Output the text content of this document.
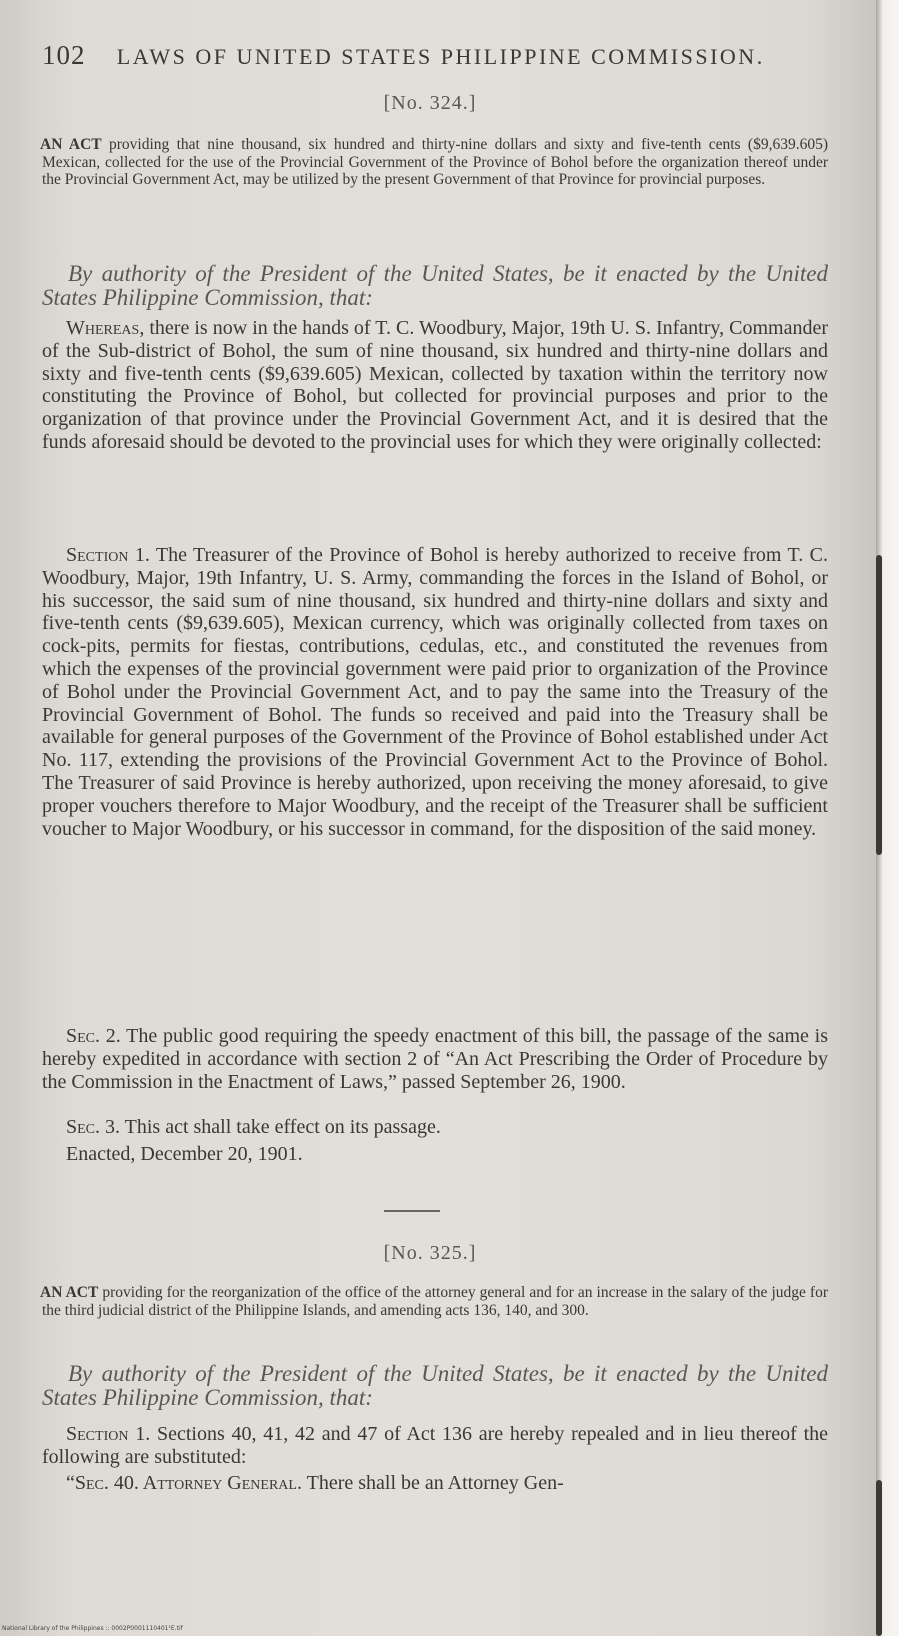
102 LAWS OF UNITED STATES PHILIPPINE COMMISSION.
[No. 324.]
AN ACT providing that nine thousand, six hundred and thirty-nine dollars and sixty and five-tenth cents ($9,639.605) Mexican, collected for the use of the Provincial Government of the Province of Bohol before the organization thereof under the Provincial Government Act, may be utilized by the present Government of that Province for provincial purposes.
By authority of the President of the United States, be it enacted by the United States Philippine Commission, that:
Whereas, there is now in the hands of T. C. Woodbury, Major, 19th U. S. Infantry, Commander of the Sub-district of Bohol, the sum of nine thousand, six hundred and thirty-nine dollars and sixty and five-tenth cents ($9,639.605) Mexican, collected by taxation within the territory now constituting the Province of Bohol, but collected for provincial purposes and prior to the organization of that province under the Provincial Government Act, and it is desired that the funds aforesaid should be devoted to the provincial uses for which they were originally collected:
Section 1. The Treasurer of the Province of Bohol is hereby authorized to receive from T. C. Woodbury, Major, 19th Infantry, U. S. Army, commanding the forces in the Island of Bohol, or his successor, the said sum of nine thousand, six hundred and thirty-nine dollars and sixty and five-tenth cents ($9,639.605), Mexican currency, which was originally collected from taxes on cock-pits, permits for fiestas, contributions, cedulas, etc., and constituted the revenues from which the expenses of the provincial government were paid prior to organization of the Province of Bohol under the Provincial Government Act, and to pay the same into the Treasury of the Provincial Government of Bohol. The funds so received and paid into the Treasury shall be available for general purposes of the Government of the Province of Bohol established under Act No. 117, extending the provisions of the Provincial Government Act to the Province of Bohol. The Treasurer of said Province is hereby authorized, upon receiving the money aforesaid, to give proper vouchers therefore to Major Woodbury, and the receipt of the Treasurer shall be sufficient voucher to Major Woodbury, or his successor in command, for the disposition of the said money.
Sec. 2. The public good requiring the speedy enactment of this bill, the passage of the same is hereby expedited in accordance with section 2 of “An Act Prescribing the Order of Procedure by the Commission in the Enactment of Laws,” passed September 26, 1900.
Sec. 3. This act shall take effect on its passage.
Enacted, December 20, 1901.
[No. 325.]
AN ACT providing for the reorganization of the office of the attorney general and for an increase in the salary of the judge for the third judicial district of the Philippine Islands, and amending acts 136, 140, and 300.
By authority of the President of the United States, be it enacted by the United States Philippine Commission, that:
Section 1. Sections 40, 41, 42 and 47 of Act 136 are hereby repealed and in lieu thereof the following are substituted:
“Sec. 40. Attorney General. There shall be an Attorney Gen-
National Library of the Philippines :: 0002P0001110401¹E.tif
